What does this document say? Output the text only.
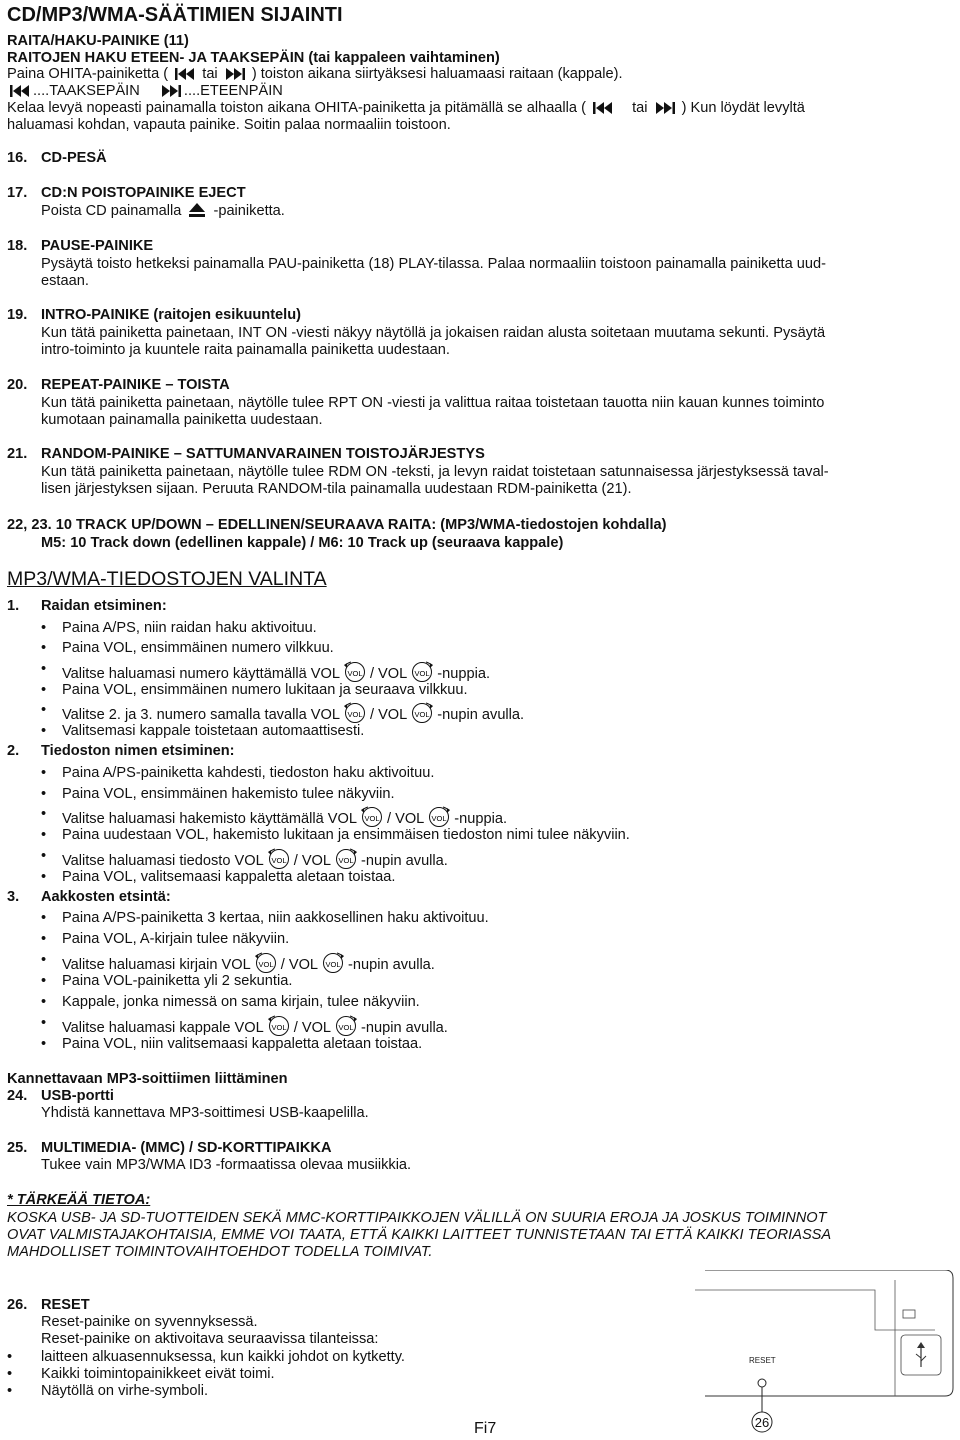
CD/MP3/WMA-SÄÄTIMIEN SIJAINTI
RAITA/HAKU-PAINIKE (11)
RAITOJEN HAKU ETEEN- JA TAAKSEPÄIN (tai kappaleen vaihtaminen)
Paina OHITA-painiketta ( tai ) toiston aikana siirtyäksesi haluamaasi raitaan (kappale).
....TAAKSEPÄIN	....ETEENPÄIN
Kelaa levyä nopeasti painamalla toiston aikana OHITA-painiketta ja pitämällä se alhaalla (	tai ) Kun löydät levyltä
haluamasi kohdan, vapauta painike. Soitin palaa normaaliin toistoon.
16. CD-PESÄ
17. CD:N POISTOPAINIKE EJECT
Poista CD painamalla -painiketta.
18. PAUSE-PAINIKE
Pysäytä toisto hetkeksi painamalla PAU-painiketta (18) PLAY-tilassa. Palaa normaaliin toistoon painamalla painiketta uud-
estaan.
19. INTRO-PAINIKE (raitojen esikuuntelu)
Kun tätä painiketta painetaan, INT ON -viesti näkyy näytöllä ja jokaisen raidan alusta soitetaan muutama sekunti. Pysäytä
intro-toiminto ja kuuntele raita painamalla painiketta uudestaan.
20. REPEAT-PAINIKE – TOISTA
Kun tätä painiketta painetaan, näytölle tulee RPT ON -viesti ja valittua raitaa toistetaan tauotta niin kauan kunnes toiminto
kumotaan painamalla painiketta uudestaan.
21. RANDOM-PAINIKE – SATTUMANVARAINEN TOISTOJÄRJESTYS
Kun tätä painiketta painetaan, näytölle tulee RDM ON -teksti, ja levyn raidat toistetaan satunnaisessa järjestyksessä taval-
lisen järjestyksen sijaan. Peruuta RANDOM-tila painamalla uudestaan RDM-painiketta (21).
22, 23. 10 TRACK UP/DOWN – EDELLINEN/SEURAAVA RAITA: (MP3/WMA-tiedostojen kohdalla)
M5: 10 Track down (edellinen kappale) / M6: 10 Track up (seuraava kappale)
MP3/WMA-TIEDOSTOJEN VALINTA
1. Raidan etsiminen:
• Paina A/PS, niin raidan haku aktivoituu.
• Paina VOL, ensimmäinen numero vilkkuu.
• Valitse haluamasi numero käyttämällä VOL VOL / VOL VOL -nuppia.
• Paina VOL, ensimmäinen numero lukitaan ja seuraava vilkkuu.
• Valitse 2. ja 3. numero samalla tavalla VOL VOL / VOL VOL -nupin avulla.
• Valitsemasi kappale toistetaan automaattisesti.
2. Tiedoston nimen etsiminen:
• Paina A/PS-painiketta kahdesti, tiedoston haku aktivoituu.
• Paina VOL, ensimmäinen hakemisto tulee näkyviin.
• Valitse haluamasi hakemisto käyttämällä VOL VOL / VOL VOL -nuppia.
• Paina uudestaan VOL, hakemisto lukitaan ja ensimmäisen tiedoston nimi tulee näkyviin.
• Valitse haluamasi tiedosto VOL VOL / VOL VOL -nupin avulla.
• Paina VOL, valitsemaasi kappaletta aletaan toistaa.
3. Aakkosten etsintä:
• Paina A/PS-painiketta 3 kertaa, niin aakkosellinen haku aktivoituu.
• Paina VOL, A-kirjain tulee näkyviin.
• Valitse haluamasi kirjain VOL VOL / VOL VOL -nupin avulla.
• Paina VOL-painiketta yli 2 sekuntia.
• Kappale, jonka nimessä on sama kirjain, tulee näkyviin.
• Valitse haluamasi kappale VOL VOL / VOL VOL -nupin avulla.
• Paina VOL, niin valitsemaasi kappaletta aletaan toistaa.
Kannettavaan MP3-soittiimen liittäminen
24. USB-portti
Yhdistä kannettava MP3-soittimesi USB-kaapelilla.
25. MULTIMEDIA- (MMC) / SD-KORTTIPAIKKA
Tukee vain MP3/WMA ID3 -formaatissa olevaa musiikkia.
* TÄRKEÄÄ TIETOA:
KOSKA USB- JA SD-TUOTTEIDEN SEKÄ MMC-KORTTIPAIKKOJEN VÄLILLÄ ON SUURIA EROJA JA JOSKUS TOIMINNOT
OVAT VALMISTAJAKOHTAISIA, EMME VOI TAATA, ETTÄ KAIKKI LAITTEET TUNNISTETAAN TAI ETTÄ KAIKKI TEORIASSA
MAHDOLLISET TOIMINTOVAIHTOEHDOT TODELLA TOIMIVAT.
26. RESET
Reset-painike on syvennyksessä.
Reset-painike on aktivoitava seuraavissa tilanteissa:
• laitteen alkuasennuksessa, kun kaikki johdot on kytketty.
• Kaikki toimintopainikkeet eivät toimi.
• Näytöllä on virhe-symboli.
Fi7
RESET
26
